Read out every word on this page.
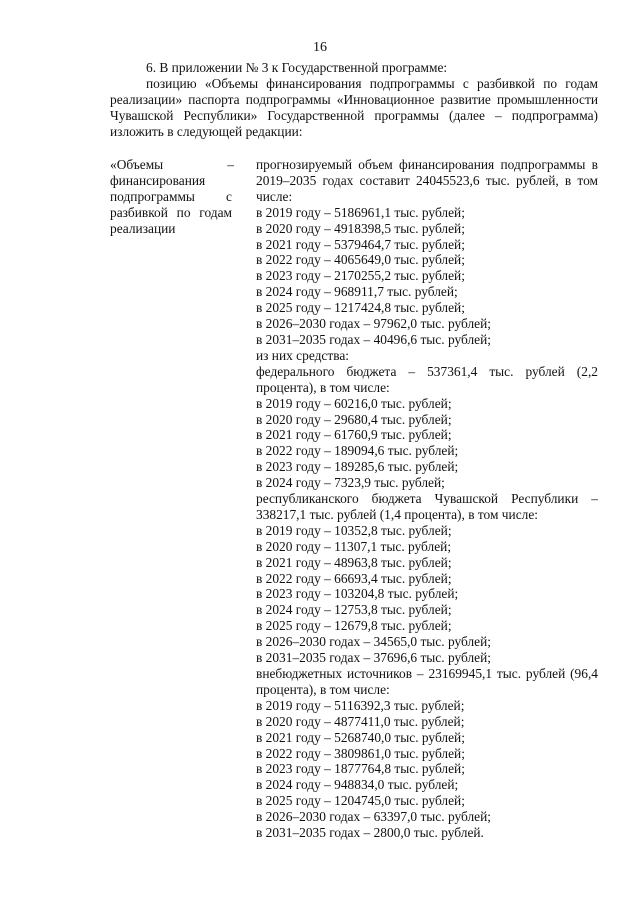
16

6. В приложении № 3 к Государственной программе:

позицию «Объемы финансирования подпрограммы с разбивкой по годам реализации» паспорта подпрограммы «Инновационное развитие промышленности Чувашской Республики» Государственной программы (далее – подпрограмма) изложить в следующей редакции:

«Объемы финансирования подпрограммы с разбивкой по годам реализации
– прогнозируемый объем финансирования подпрограммы в 2019–2035 годах составит 24045523,6 тыс. рублей, в том числе:
в 2019 году – 5186961,1 тыс. рублей;
в 2020 году – 4918398,5 тыс. рублей;
в 2021 году – 5379464,7 тыс. рублей;
в 2022 году – 4065649,0 тыс. рублей;
в 2023 году – 2170255,2 тыс. рублей;
в 2024 году – 968911,7 тыс. рублей;
в 2025 году – 1217424,8 тыс. рублей;
в 2026–2030 годах – 97962,0 тыс. рублей;
в 2031–2035 годах – 40496,6 тыс. рублей;
из них средства:
федерального бюджета – 537361,4 тыс. рублей (2,2 процента), в том числе:
в 2019 году – 60216,0 тыс. рублей;
в 2020 году – 29680,4 тыс. рублей;
в 2021 году – 61760,9 тыс. рублей;
в 2022 году – 189094,6 тыс. рублей;
в 2023 году – 189285,6 тыс. рублей;
в 2024 году – 7323,9 тыс. рублей;
республиканского бюджета Чувашской Республики – 338217,1 тыс. рублей (1,4 процента), в том числе:
в 2019 году – 10352,8 тыс. рублей;
в 2020 году – 11307,1 тыс. рублей;
в 2021 году – 48963,8 тыс. рублей;
в 2022 году – 66693,4 тыс. рублей;
в 2023 году – 103204,8 тыс. рублей;
в 2024 году – 12753,8 тыс. рублей;
в 2025 году – 12679,8 тыс. рублей;
в 2026–2030 годах – 34565,0 тыс. рублей;
в 2031–2035 годах – 37696,6 тыс. рублей;
внебюджетных источников – 23169945,1 тыс. рублей (96,4 процента), в том числе:
в 2019 году – 5116392,3 тыс. рублей;
в 2020 году – 4877411,0 тыс. рублей;
в 2021 году – 5268740,0 тыс. рублей;
в 2022 году – 3809861,0 тыс. рублей;
в 2023 году – 1877764,8 тыс. рублей;
в 2024 году – 948834,0 тыс. рублей;
в 2025 году – 1204745,0 тыс. рублей;
в 2026–2030 годах – 63397,0 тыс. рублей;
в 2031–2035 годах – 2800,0 тыс. рублей.
